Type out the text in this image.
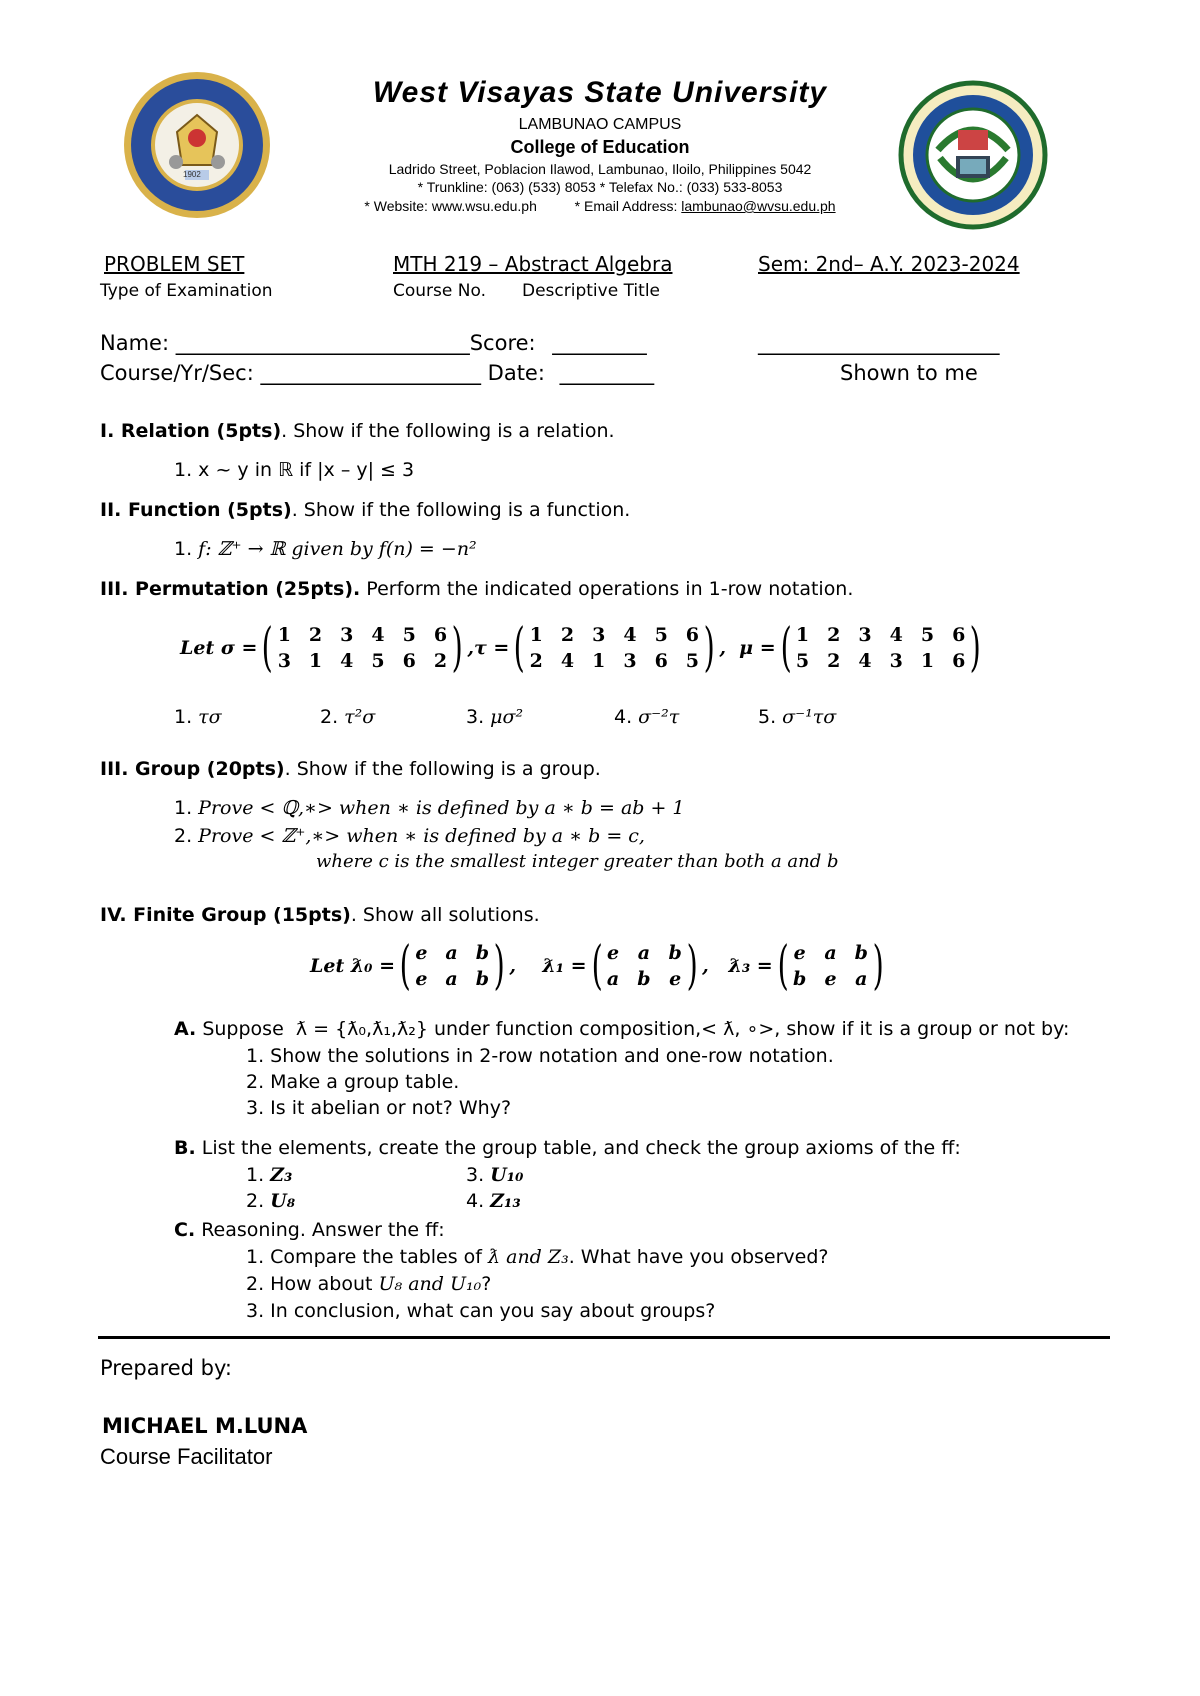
1902
West Visayas State University
LAMBUNAO CAMPUS
College of Education
Ladrido Street, Poblacion Ilawod, Lambunao, Iloilo, Philippines 5042
* Trunkline: (063) (533) 8053 * Telefax No.: (033) 533-8053
* Website: www.wsu.edu.ph	* Email Address: lambunao@wvsu.edu.ph
PROBLEM SET
Type of Examination
MTH 219 – Abstract Algebra
Course No. Descriptive Title
Sem: 2nd– A.Y. 2023-2024
Name: ____________________________Score: _________	_______________________
Course/Yr/Sec: _____________________ Date: _________	Shown to me
I. Relation (5pts). Show if the following is a relation.
1. x ~ y in ℝ if |x – y| ≤ 3
II. Function (5pts). Show if the following is a function.
1. f: ℤ⁺ → ℝ given by f(n) = −n²
III. Permutation (25pts). Perform the indicated operations in 1-row notation.
Let σ = ( 1 2 3 4 5 6
3 1 4 5 6 2 ) ,τ = ( 1 2 3 4 5 6
2 4 1 3 6 5 ) ,  μ = ( 1 2 3 4 5 6
5 2 4 3 1 6 )
1. τσ	2. τ²σ	3. μσ²	4. σ⁻²τ	5. σ⁻¹τσ
III. Group (20pts). Show if the following is a group.
1. Prove < ℚ,∗> when ∗ is defined by a ∗ b = ab + 1
2. Prove < ℤ⁺,∗> when ∗ is defined by a ∗ b = c,
where c is the smallest integer greater than both a and b
IV. Finite Group (15pts). Show all solutions.
Let ƛ₀ = ( e a b
e a b ) ,    ƛ₁ = ( e a b
a b e ) ,   ƛ₃ = ( e a b
b e a )
A. Suppose  ƛ = {ƛ₀,ƛ₁,ƛ₂} under function composition,< ƛ, ∘>, show if it is a group or not by:
1. Show the solutions in 2-row notation and one-row notation.
2. Make a group table.
3. Is it abelian or not? Why?
B. List the elements, create the group table, and check the group axioms of the ff:
1. Z₃	3. U₁₀
2. U₈	4. Z₁₃
C. Reasoning. Answer the ff:
1. Compare the tables of ƛ and Z₃. What have you observed?
2. How about U₈ and U₁₀?
3. In conclusion, what can you say about groups?
Prepared by:
MICHAEL M.LUNA
Course Facilitator
